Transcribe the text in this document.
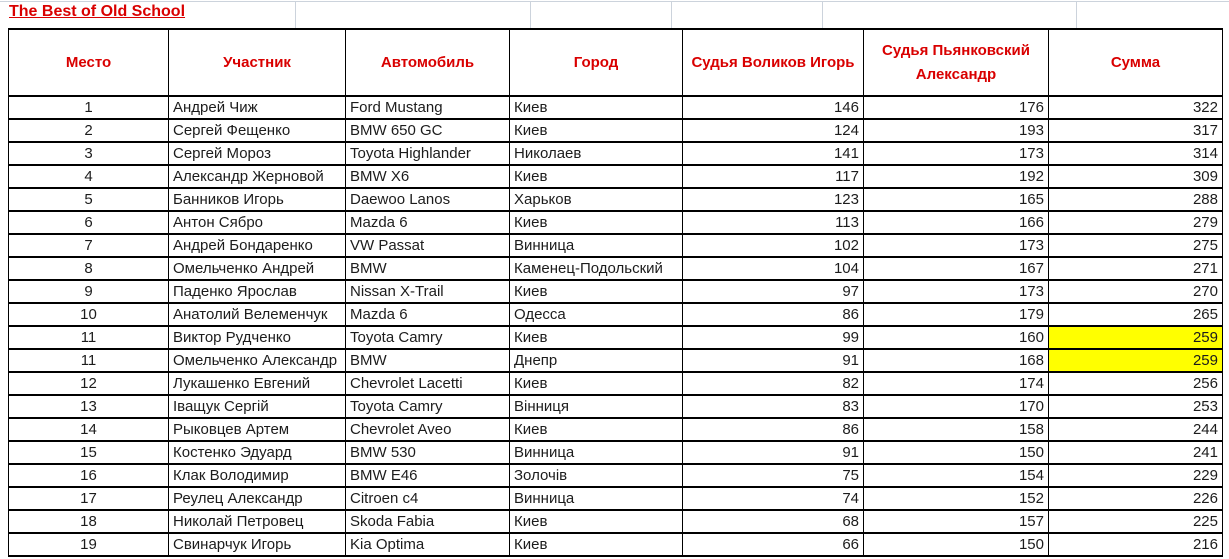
The Best of Old School
Место	Участник	Автомобиль	Город	Судья Воликов Игорь	Судья Пьянковский Александр	Сумма
1	Андрей Чиж	Ford Mustang	Киев	146	176	322
2	Сергей Фещенко	BMW 650 GC	Киев	124	193	317
3	Сергей Мороз	Toyota Highlander	Николаев	141	173	314
4	Александр Жерновой	BMW X6	Киев	117	192	309
5	Банников Игорь	Daewoo Lanos	Харьков	123	165	288
6	Антон Сябро	Mazda 6	Киев	113	166	279
7	Андрей Бондаренко	VW Passat	Винница	102	173	275
8	Омельченко Андрей	BMW	Каменец-Подольский	104	167	271
9	Паденко Ярослав	Nissan X-Trail	Киев	97	173	270
10	Анатолий Велеменчук	Mazda 6	Одесса	86	179	265
11	Виктор Рудченко	Toyota Camry	Киев	99	160	259
11	Омельченко Александр	BMW	Днепр	91	168	259
12	Лукашенко Евгений	Chevrolet Lacetti	Киев	82	174	256
13	Іващук Сергій	Toyota Camry	Вінниця	83	170	253
14	Рыковцев Артем	Chevrolet Aveo	Киев	86	158	244
15	Костенко Эдуард	BMW 530	Винница	91	150	241
16	Клак Володимир	BMW E46	Золочів	75	154	229
17	Реулец Александр	Citroen c4	Винница	74	152	226
18	Николай Петровец	Skoda Fabia	Киев	68	157	225
19	Свинарчук Игорь	Kia Optima	Киев	66	150	216
